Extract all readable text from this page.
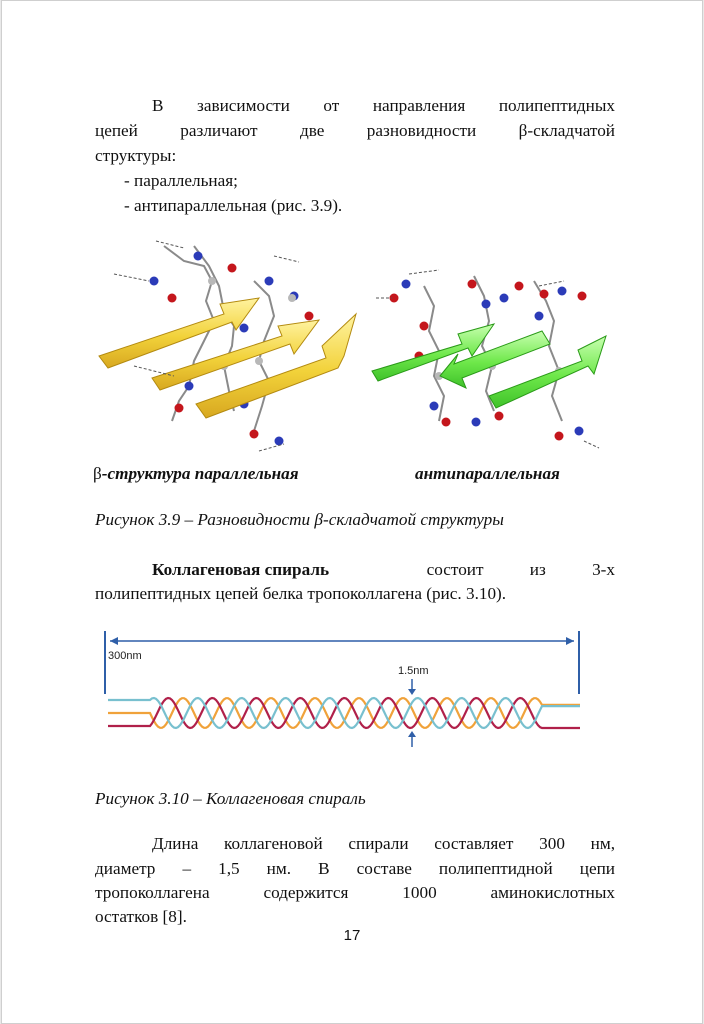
В зависимости от направления полипептидных

цепей различают две разновидности β-складчатой

структуры:

- параллельная;

- антипараллельная (рис. 3.9).

β-структура параллельная	антипараллельная

Рисунок 3.9 – Разновидности β-складчатой структуры

Коллагеновая спираль	состоит из 3-х

полипептидных цепей белка тропоколлагена (рис. 3.10).

300nm
1.5nm

Рисунок 3.10 – Коллагеновая спираль

Длина коллагеновой спирали составляет 300 нм,

диаметр – 1,5 нм. В составе полипептидной цепи

тропоколлагена содержится 1000 аминокислотных

остатков [8].

17
